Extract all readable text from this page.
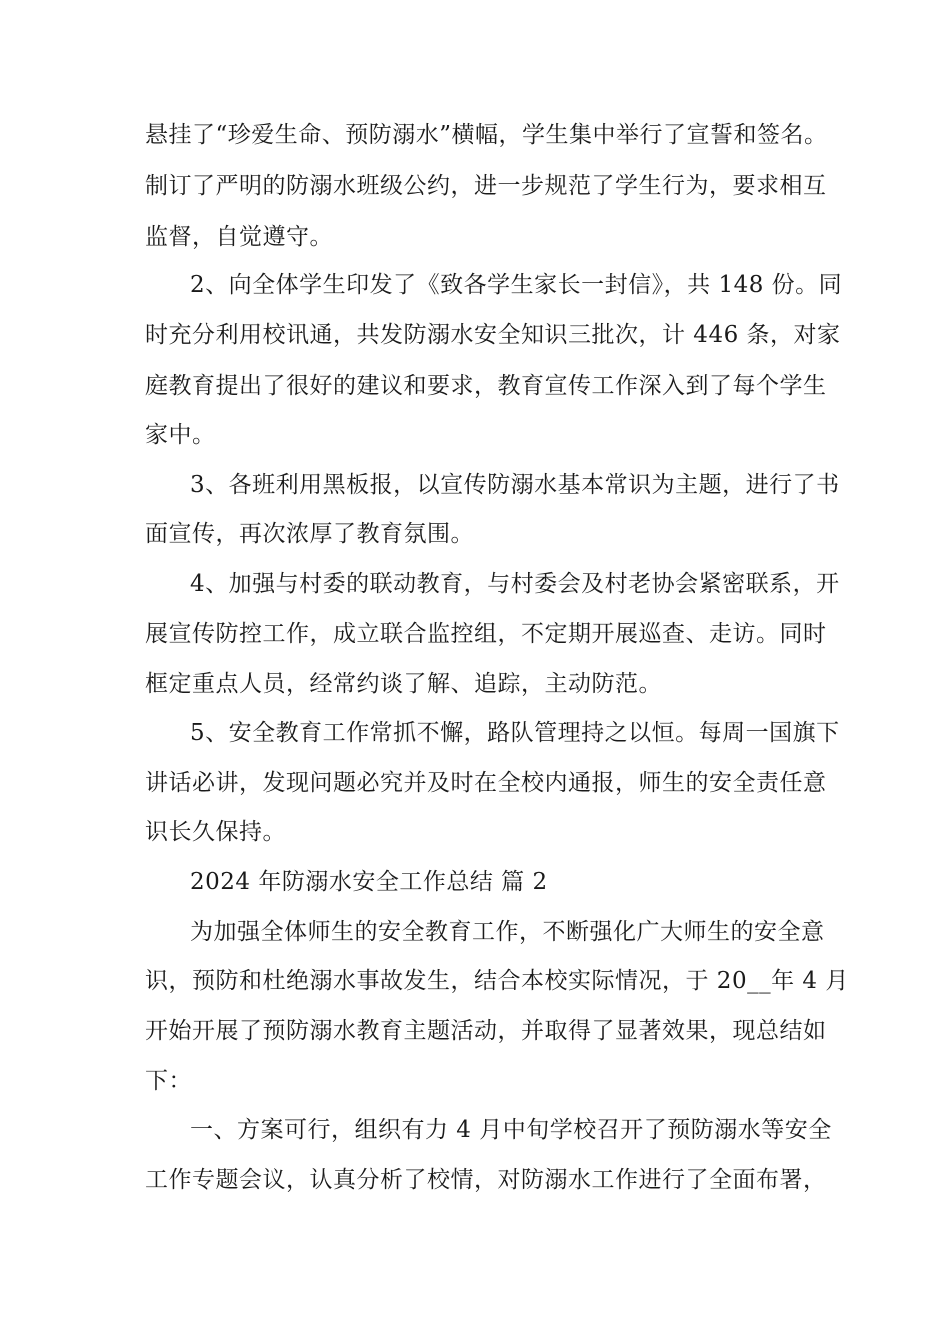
悬挂了“珍爱生命、预防溺水”横幅，学生集中举行了宣誓和签名。
制订了严明的防溺水班级公约，进一步规范了学生行为，要求相互
监督，自觉遵守。
2、向全体学生印发了《致各学生家长一封信》，共 148 份。同
时充分利用校讯通，共发防溺水安全知识三批次，计 446 条，对家
庭教育提出了很好的建议和要求，教育宣传工作深入到了每个学生
家中。
3、各班利用黑板报，以宣传防溺水基本常识为主题，进行了书
面宣传，再次浓厚了教育氛围。
4、加强与村委的联动教育，与村委会及村老协会紧密联系，开
展宣传防控工作，成立联合监控组，不定期开展巡查、走访。同时
框定重点人员，经常约谈了解、追踪，主动防范。
5、安全教育工作常抓不懈，路队管理持之以恒。每周一国旗下
讲话必讲，发现问题必究并及时在全校内通报，师生的安全责任意
识长久保持。
2024 年防溺水安全工作总结 篇 2
为加强全体师生的安全教育工作，不断强化广大师生的安全意
识，预防和杜绝溺水事故发生，结合本校实际情况，于 20__年 4 月
开始开展了预防溺水教育主题活动，并取得了显著效果，现总结如
下：
一、方案可行，组织有力 4 月中旬学校召开了预防溺水等安全
工作专题会议，认真分析了校情，对防溺水工作进行了全面布署，
